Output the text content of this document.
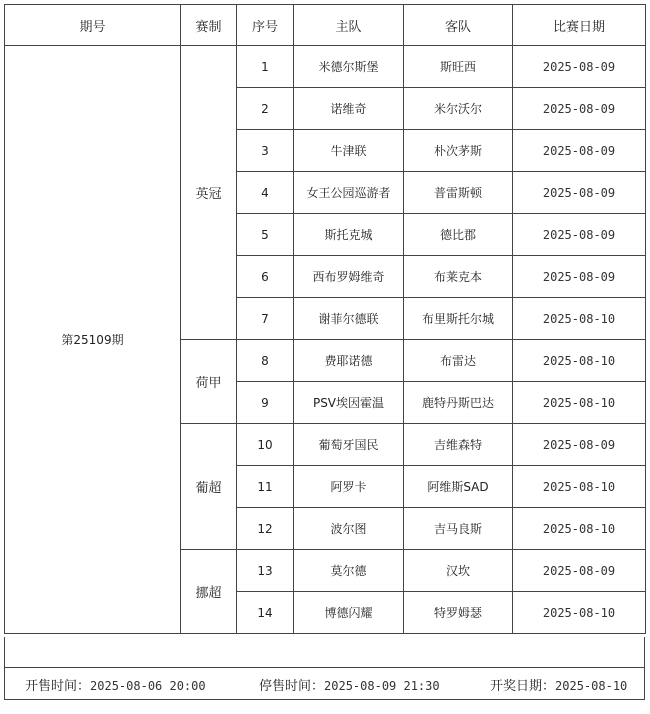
期号	赛制	序号	主队	客队	比赛日期
第25109期	英冠	1	米德尔斯堡	斯旺西	2025-08-09
		2	诺维奇	米尔沃尔	2025-08-09
		3	牛津联	朴次茅斯	2025-08-09
		4	女王公园巡游者	普雷斯顿	2025-08-09
		5	斯托克城	德比郡	2025-08-09
		6	西布罗姆维奇	布莱克本	2025-08-09
		7	谢菲尔德联	布里斯托尔城	2025-08-10
	荷甲	8	费耶诺德	布雷达	2025-08-10
		9	PSV埃因霍温	鹿特丹斯巴达	2025-08-10
	葡超	10	葡萄牙国民	吉维森特	2025-08-09
		11	阿罗卡	阿维斯SAD	2025-08-10
		12	波尔图	吉马良斯	2025-08-10
	挪超	13	莫尔德	汉坎	2025-08-09
		14	博德闪耀	特罗姆瑟	2025-08-10
开售时间：2025-08-06 20:00	停售时间：2025-08-09 21:30	开奖日期：2025-08-10
